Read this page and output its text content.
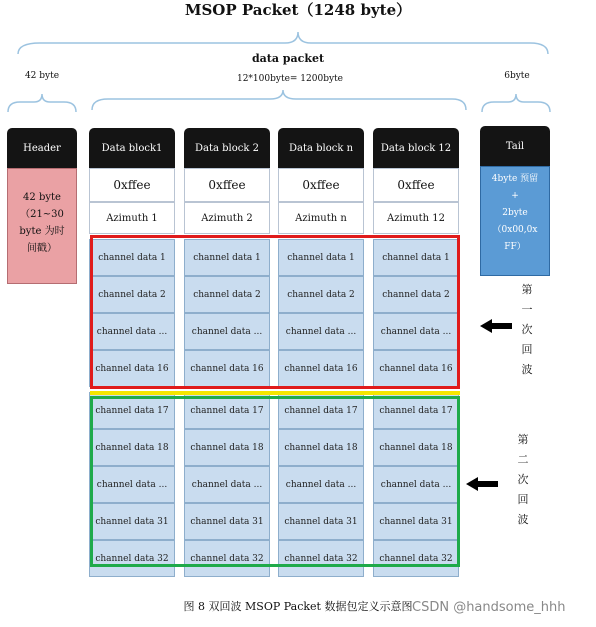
MSOP Packet（1248 byte）
data packet
12*100byte= 1200byte
42 byte	6byte
Header
42 byte
（21~30
byte 为时
间戳）
Tail
4byte 预留
+
2byte
（0x00,0x
FF）
Data block1
0xffee
Azimuth 1
channel data 1
channel data 2
channel data ...
channel data 16
channel data 17
channel data 18
channel data ...
channel data 31
channel data 32
Data block 2
0xffee
Azimuth 2
channel data 1
channel data 2
channel data ...
channel data 16
channel data 17
channel data 18
channel data ...
channel data 31
channel data 32
Data block n
0xffee
Azimuth n
channel data 1
channel data 2
channel data ...
channel data 16
channel data 17
channel data 18
channel data ...
channel data 31
channel data 32
Data block 12
0xffee
Azimuth 12
channel data 1
channel data 2
channel data ...
channel data 16
channel data 17
channel data 18
channel data ...
channel data 31
channel data 32
第
一
次
回
波
第
二
次
回
波
图 8 双回波 MSOP Packet 数据包定义示意图 CSDN @handsome_hhh
